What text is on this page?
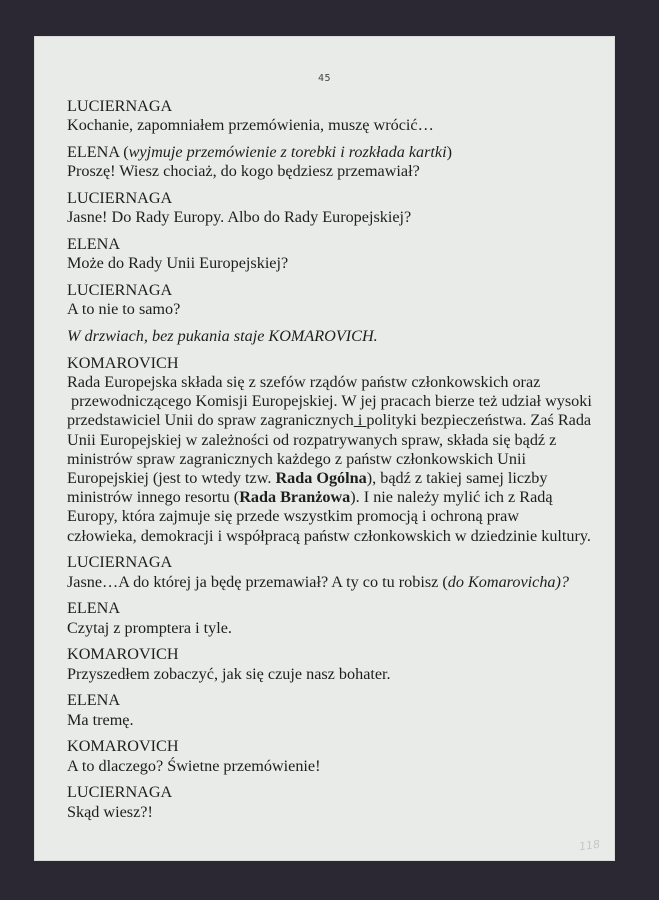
45
LUCIERNAGA
Kochanie, zapomniałem przemówienia, muszę wrócić…
ELENA (wyjmuje przemówienie z torebki i rozkłada kartki)
Proszę! Wiesz chociaż, do kogo będziesz przemawiał?
LUCIERNAGA
Jasne! Do Rady Europy. Albo do Rady Europejskiej?
ELENA
Może do Rady Unii Europejskiej?
LUCIERNAGA
A to nie to samo?
W drzwiach, bez pukania staje KOMAROVICH.
KOMAROVICH
Rada Europejska składa się z szefów rządów państw członkowskich oraz
przewodniczącego Komisji Europejskiej. W jej pracach bierze też udział wysoki
przedstawiciel Unii do spraw zagranicznych i polityki bezpieczeństwa. Zaś Rada
Unii Europejskiej w zależności od rozpatrywanych spraw, składa się bądź z
ministrów spraw zagranicznych każdego z państw członkowskich Unii
Europejskiej (jest to wtedy tzw. Rada Ogólna), bądź z takiej samej liczby
ministrów innego resortu (Rada Branżowa). I nie należy mylić ich z Radą
Europy, która zajmuje się przede wszystkim promocją i ochroną praw
człowieka, demokracji i współpracą państw członkowskich w dziedzinie kultury.
LUCIERNAGA
Jasne…A do której ja będę przemawiał? A ty co tu robisz (do Komarovicha)?
ELENA
Czytaj z promptera i tyle.
KOMAROVICH
Przyszedłem zobaczyć, jak się czuje nasz bohater.
ELENA
Ma tremę.
KOMAROVICH
A to dlaczego? Świetne przemówienie!
LUCIERNAGA
Skąd wiesz?!
118
